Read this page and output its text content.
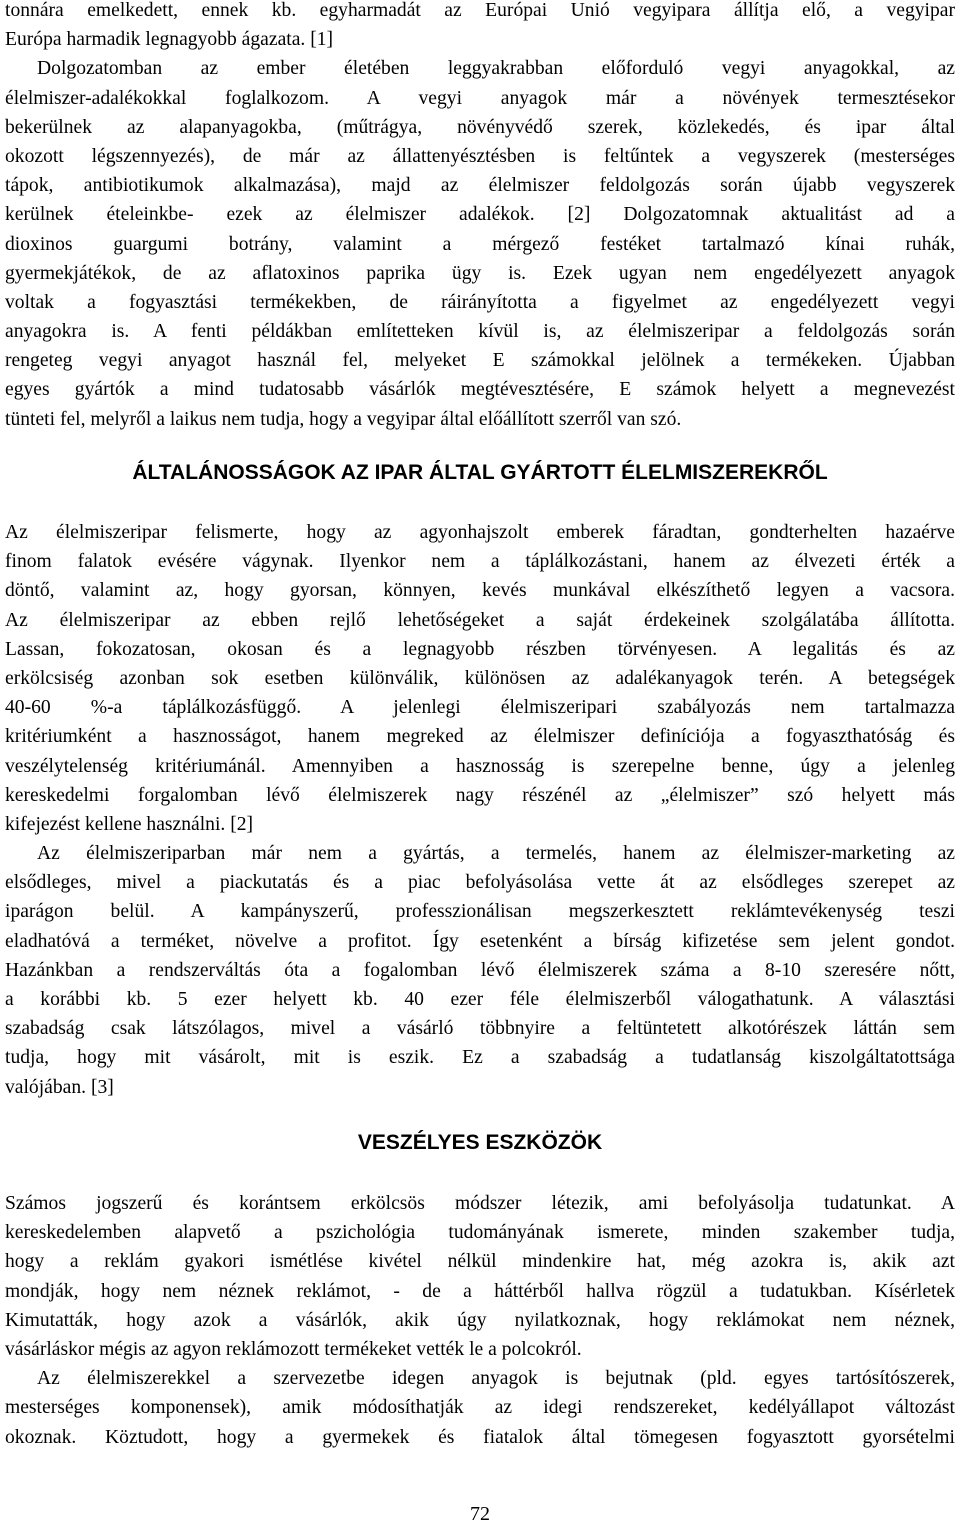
tonnára emelkedett, ennek kb. egyharmadát az Európai Unió vegyipara állítja elő, a vegyipar
Európa harmadik legnagyobb ágazata. [1]
Dolgozatomban az ember életében leggyakrabban előforduló vegyi anyagokkal, az
élelmiszer-adalékokkal foglalkozom. A vegyi anyagok már a növények termesztésekor
bekerülnek az alapanyagokba, (műtrágya, növényvédő szerek, közlekedés, és ipar által
okozott légszennyezés), de már az állattenyésztésben is feltűntek a vegyszerek (mesterséges
tápok, antibiotikumok alkalmazása), majd az élelmiszer feldolgozás során újabb vegyszerek
kerülnek ételeinkbe- ezek az élelmiszer adalékok. [2] Dolgozatomnak aktualitást ad a
dioxinos guargumi botrány, valamint a mérgező festéket tartalmazó kínai ruhák,
gyermekjátékok, de az aflatoxinos paprika ügy is. Ezek ugyan nem engedélyezett anyagok
voltak a fogyasztási termékekben, de ráirányította a figyelmet az engedélyezett vegyi
anyagokra is. A fenti példákban említetteken kívül is, az élelmiszeripar a feldolgozás során
rengeteg vegyi anyagot használ fel, melyeket E számokkal jelölnek a termékeken. Újabban
egyes gyártók a mind tudatosabb vásárlók megtévesztésére, E számok helyett a megnevezést
tünteti fel, melyről a laikus nem tudja, hogy a vegyipar által előállított szerről van szó.
ÁLTALÁNOSSÁGOK AZ IPAR ÁLTAL GYÁRTOTT ÉLELMISZEREKRŐL
Az élelmiszeripar felismerte, hogy az agyonhajszolt emberek fáradtan, gondterhelten hazaérve
finom falatok evésére vágynak. Ilyenkor nem a táplálkozástani, hanem az élvezeti érték a
döntő, valamint az, hogy gyorsan, könnyen, kevés munkával elkészíthető legyen a vacsora.
Az élelmiszeripar az ebben rejlő lehetőségeket a saját érdekeinek szolgálatába állította.
Lassan, fokozatosan, okosan és a legnagyobb részben törvényesen. A legalitás és az
erkölcsiség azonban sok esetben különválik, különösen az adalékanyagok terén. A betegségek
40-60 %-a táplálkozásfüggő. A jelenlegi élelmiszeripari szabályozás nem tartalmazza
kritériumként a hasznosságot, hanem megreked az élelmiszer definíciója a fogyaszthatóság és
veszélytelenség kritériumánál. Amennyiben a hasznosság is szerepelne benne, úgy a jelenleg
kereskedelmi forgalomban lévő élelmiszerek nagy részénél az „élelmiszer” szó helyett más
kifejezést kellene használni. [2]
Az élelmiszeriparban már nem a gyártás, a termelés, hanem az élelmiszer-marketing az
elsődleges, mivel a piackutatás és a piac befolyásolása vette át az elsődleges szerepet az
iparágon belül. A kampányszerű, professzionálisan megszerkesztett reklámtevékenység teszi
eladhatóvá a terméket, növelve a profitot. Így esetenként a bírság kifizetése sem jelent gondot.
Hazánkban a rendszerváltás óta a fogalomban lévő élelmiszerek száma a 8-10 szeresére nőtt,
a korábbi kb. 5 ezer helyett kb. 40 ezer féle élelmiszerből válogathatunk. A választási
szabadság csak látszólagos, mivel a vásárló többnyire a feltüntetett alkotórészek láttán sem
tudja, hogy mit vásárolt, mit is eszik. Ez a szabadság a tudatlanság kiszolgáltatottsága
valójában. [3]
VESZÉLYES ESZKÖZÖK
Számos jogszerű és korántsem erkölcsös módszer létezik, ami befolyásolja tudatunkat. A
kereskedelemben alapvető a pszichológia tudományának ismerete, minden szakember tudja,
hogy a reklám gyakori ismétlése kivétel nélkül mindenkire hat, még azokra is, akik azt
mondják, hogy nem néznek reklámot, - de a háttérből hallva rögzül a tudatukban. Kísérletek
Kimutatták, hogy azok a vásárlók, akik úgy nyilatkoznak, hogy reklámokat nem néznek,
vásárláskor mégis az agyon reklámozott termékeket vették le a polcokról.
Az élelmiszerekkel a szervezetbe idegen anyagok is bejutnak (pld. egyes tartósítószerek,
mesterséges komponensek), amik módosíthatják az idegi rendszereket, kedélyállapot változást
okoznak. Köztudott, hogy a gyermekek és fiatalok által tömegesen fogyasztott gyorsételmi
72
